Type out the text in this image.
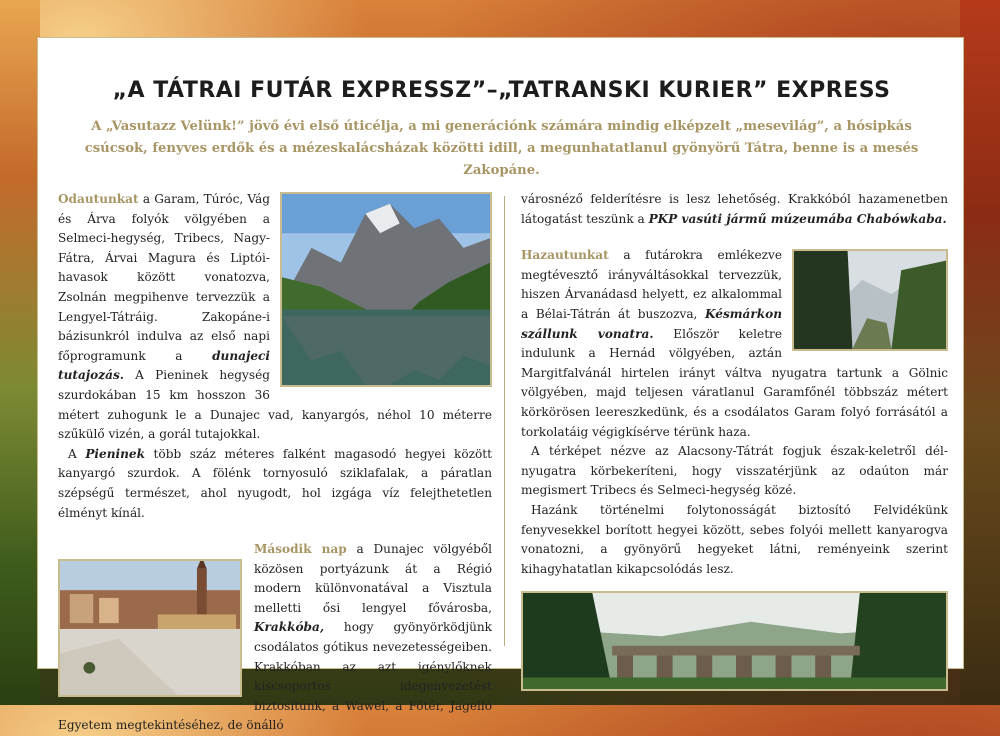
„A TÁTRAI FUTÁR EXPRESSZ”–„TATRANSKI KURIER” EXPRESS

A „Vasutazz Velünk!” jövő évi első úticélja, a mi generációnk számára mindig elképzelt „mesevilág”, a hósipkás csúcsok, fenyves erdők és a mézeskalácsházak közötti idill, a megunhatatlanul gyönyörű Tátra, benne is a mesés Zakopáne.

Odautunkat a Garam, Túróc, Vág és Árva folyók völgyében a Selmeci-hegység, Tribecs, Nagy-Fátra, Árvai Magura és Liptói-havasok között vonatozva, Zsolnán megpihenve tervezzük a Lengyel-Tátráig. Zakopáne-i bázisunkról indulva az első napi főprogramunk a dunajeci tutajozás. A Pieninek hegység szurdokában 15 km hosszon 36 métert zuhogunk le a Dunajec vad, kanyargós, néhol 10 méterre szűkülő vizén, a gorál tutajokkal.

A Pieninek több száz méteres falként magasodó hegyei között kanyargó szurdok. A fölénk tornyosuló sziklafalak, a páratlan szépségű természet, ahol nyugodt, hol izgága víz felejthetetlen élményt kínál.

Második nap a Dunajec völgyéből közösen portyázunk át a Régió modern különvonatával a Visztula melletti ősi lengyel fővárosba, Krakkóba, hogy gyönyörködjünk csodálatos gótikus nevezetességeiben. Krakkóban az azt igénylőknek kiscsoportos idegenvezetést biztosítunk, a Wawel, a Főtér, Jagelló Egyetem megtekintéséhez, de önálló

városnéző felderítésre is lesz lehetőség. Krakkóból hazamenetben látogatást teszünk a PKP vasúti jármű múzeumába Chabówkaba.

Hazautunkat a futárokra emlékezve megtévesztő irányváltásokkal tervezzük, hiszen Árvanádasd helyett, ez alkalommal a Bélai-Tátrán át buszozva, Késmárkon szállunk vonatra. Először keletre indulunk a Hernád völgyében, aztán Margitfalvánál hirtelen irányt váltva nyugatra tartunk a Gölnic völgyében, majd teljesen váratlanul Garamfőnél többszáz métert körkörösen leereszkedünk, és a csodálatos Garam folyó forrásától a torkolatáig végigkísérve térünk haza.

A térképet nézve az Alacsony-Tátrát fogjuk észak-keletről dél-nyugatra körbekeríteni, hogy visszatérjünk az odaúton már megismert Tribecs és Selmeci-hegység közé.

Hazánk történelmi folytonosságát biztosító Felvidékünk fenyvesekkel borított hegyei között, sebes folyói mellett kanyarogva vonatozni, a gyönyörű hegyeket látni, reményeink szerint kihagyhatatlan kikapcsolódás lesz.
